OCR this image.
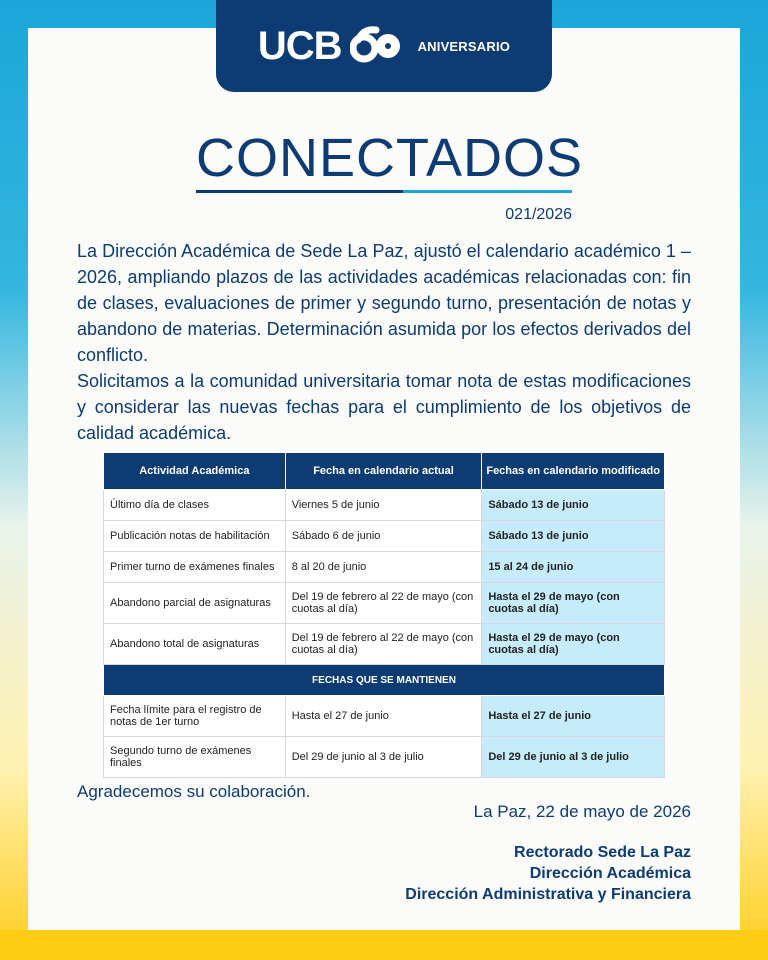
UCB	ANIVERSARIO
CONECTADOS
021/2026

La Dirección Académica de Sede La Paz, ajustó el calendario académico 1 – 2026, ampliando plazos de las actividades académicas relacionadas con: fin de clases, evaluaciones de primer y segundo turno, presentación de notas y abandono de materias. Determinación asumida por los efectos derivados del conflicto.

Solicitamos a la comunidad universitaria tomar nota de estas modificaciones y considerar las nuevas fechas para el cumplimiento de los objetivos de calidad académica.

Actividad Académica	Fecha en calendario actual	Fechas en calendario modificado
Último día de clases	Viernes 5 de junio	Sábado 13 de junio
Publicación notas de habilitación	Sábado 6 de junio	Sábado 13 de junio
Primer turno de exámenes finales	8 al 20 de junio	15 al 24 de junio
Abandono parcial de asignaturas	Del 19 de febrero al 22 de mayo (con cuotas al día)	Hasta el 29 de mayo (con cuotas al día)
Abandono total de asignaturas	Del 19 de febrero al 22 de mayo (con cuotas al día)	Hasta el 29 de mayo (con cuotas al día)
FECHAS QUE SE MANTIENEN		
Fecha límite para el registro de notas de 1er turno	Hasta el 27 de junio	Hasta el 27 de junio
Segundo turno de exámenes finales	Del 29 de junio al 3 de julio	Del 29 de junio al 3 de julio
Agradecemos su colaboración.
La Paz, 22 de mayo de 2026
Rectorado Sede La Paz
Dirección Académica
Dirección Administrativa y Financiera
